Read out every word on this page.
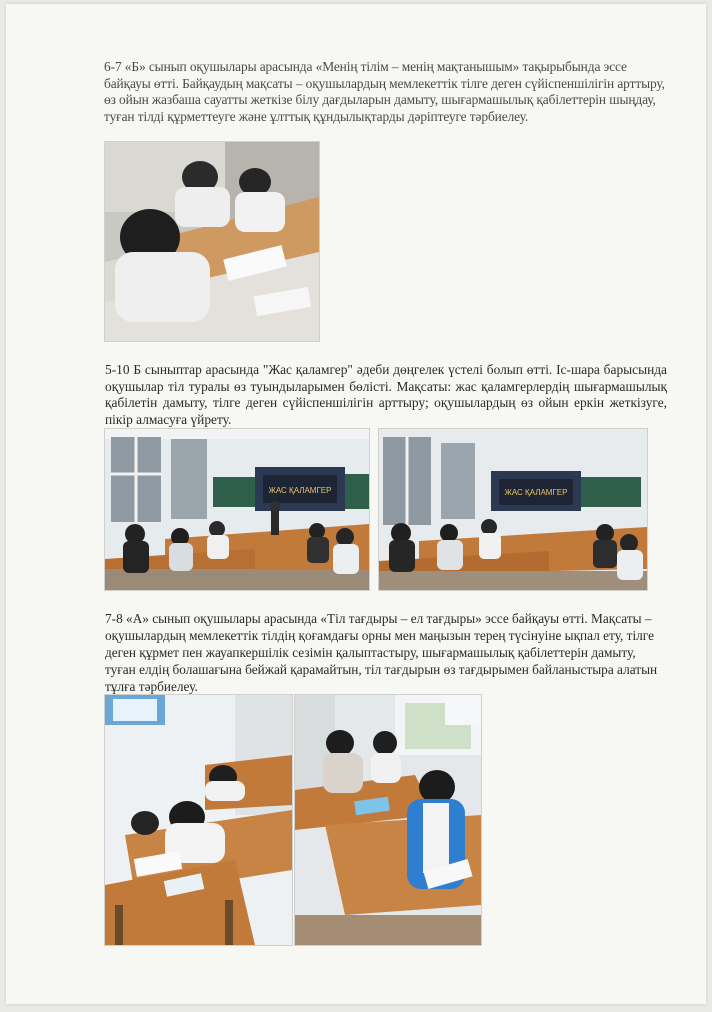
6-7 «Б» сынып оқушылары арасында «Менің тілім – менің мақтанышым» тақырыбында эссе байқауы өтті. Байқаудың мақсаты – оқушылардың мемлекеттік тілге деген сүйіспеншілігін арттыру, өз ойын жазбаша сауатты жеткізе білу дағдыларын дамыту, шығармашылық қабілеттерін шыңдау, туған тілді құрметтеуге және ұлттық құндылықтарды дәріптеуге тәрбиелеу.

5-10 Б сыныптар арасында "Жас қаламгер" әдеби дөңгелек үстелі болып өтті. Іс-шара барысында оқушылар тіл туралы өз туындыларымен бөлісті. Мақсаты: жас қаламгерлердің шығармашылық қабілетін дамыту, тілге деген сүйіспеншілігін арттыру; оқушылардың өз ойын еркін жеткізуге, пікір алмасуға үйрету.

ЖАС ҚАЛАМГЕР	ЖАС ҚАЛАМГЕР

7-8 «А» сынып оқушылары арасында «Тіл тағдыры – ел тағдыры» эссе байқауы өтті. Мақсаты – оқушылардың мемлекеттік тілдің қоғамдағы орны мен маңызын терең түсінуіне ықпал ету, тілге деген құрмет пен жауапкершілік сезімін қалыптастыру, шығармашылық қабілеттерін дамыту, туған елдің болашағына бейжай қарамайтын, тіл тағдырын өз тағдырымен байланыстыра алатын тұлға тәрбиелеу.
